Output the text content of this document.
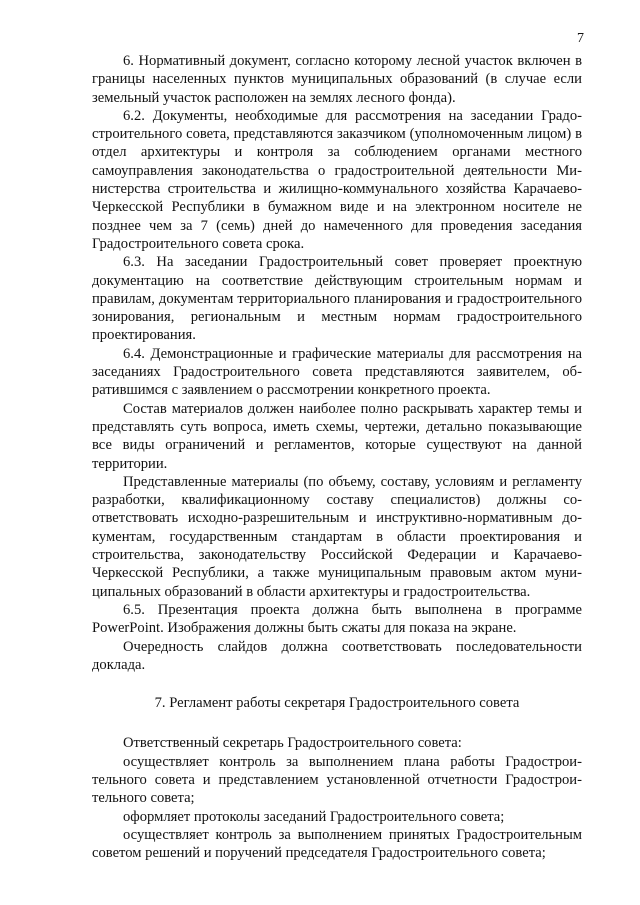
7

6. Нормативный документ, согласно которому лесной участок включен в границы населенных пунктов муниципальных образований (в случае если земельный участок расположен на землях лесного фонда).

6.2. Документы, необходимые для рассмотрения на заседании Градостроительного совета, представляются заказчиком (уполномоченным лицом) в отдел архитектуры и контроля за соблюдением органами местного самоуправления законодательства о градостроительной деятельности Министерства строительства и жилищно-коммунального хозяйства Карачаево-Черкесской Республики в бумажном виде и на электронном носителе не позднее чем за 7 (семь) дней до намеченного для проведения заседания Градостроительного совета срока.

6.3. На заседании Градостроительный совет проверяет проектную документацию на соответствие действующим строительным нормам и правилам, документам территориального планирования и градостроительного зонирования, региональным и местным нормам градостроительного проектирования.

6.4. Демонстрационные и графические материалы для рассмотрения на заседаниях Градостроительного совета представляются заявителем, обратившимся с заявлением о рассмотрении конкретного проекта.

Состав материалов должен наиболее полно раскрывать характер темы и представлять суть вопроса, иметь схемы, чертежи, детально показывающие все виды ограничений и регламентов, которые существуют на данной территории.

Представленные материалы (по объему, составу, условиям и регламенту разработки, квалификационному составу специалистов) должны соответствовать исходно-разрешительным и инструктивно-нормативным документам, государственным стандартам в области проектирования и строительства, законодательству Российской Федерации и Карачаево-Черкесской Республики, а также муниципальным правовым актом муниципальных образований в области архитектуры и градостроительства.

6.5. Презентация проекта должна быть выполнена в программе PowerPoint. Изображения должны быть сжаты для показа на экране.

Очередность слайдов должна соответствовать последовательности доклада.

7. Регламент работы секретаря Градостроительного совета

Ответственный секретарь Градостроительного совета:

осуществляет контроль за выполнением плана работы Градостроительного совета и представлением установленной отчетности Градостроительного совета;

оформляет протоколы заседаний Градостроительного совета;

осуществляет контроль за выполнением принятых Градостроительным советом решений и поручений председателя Градостроительного совета;
